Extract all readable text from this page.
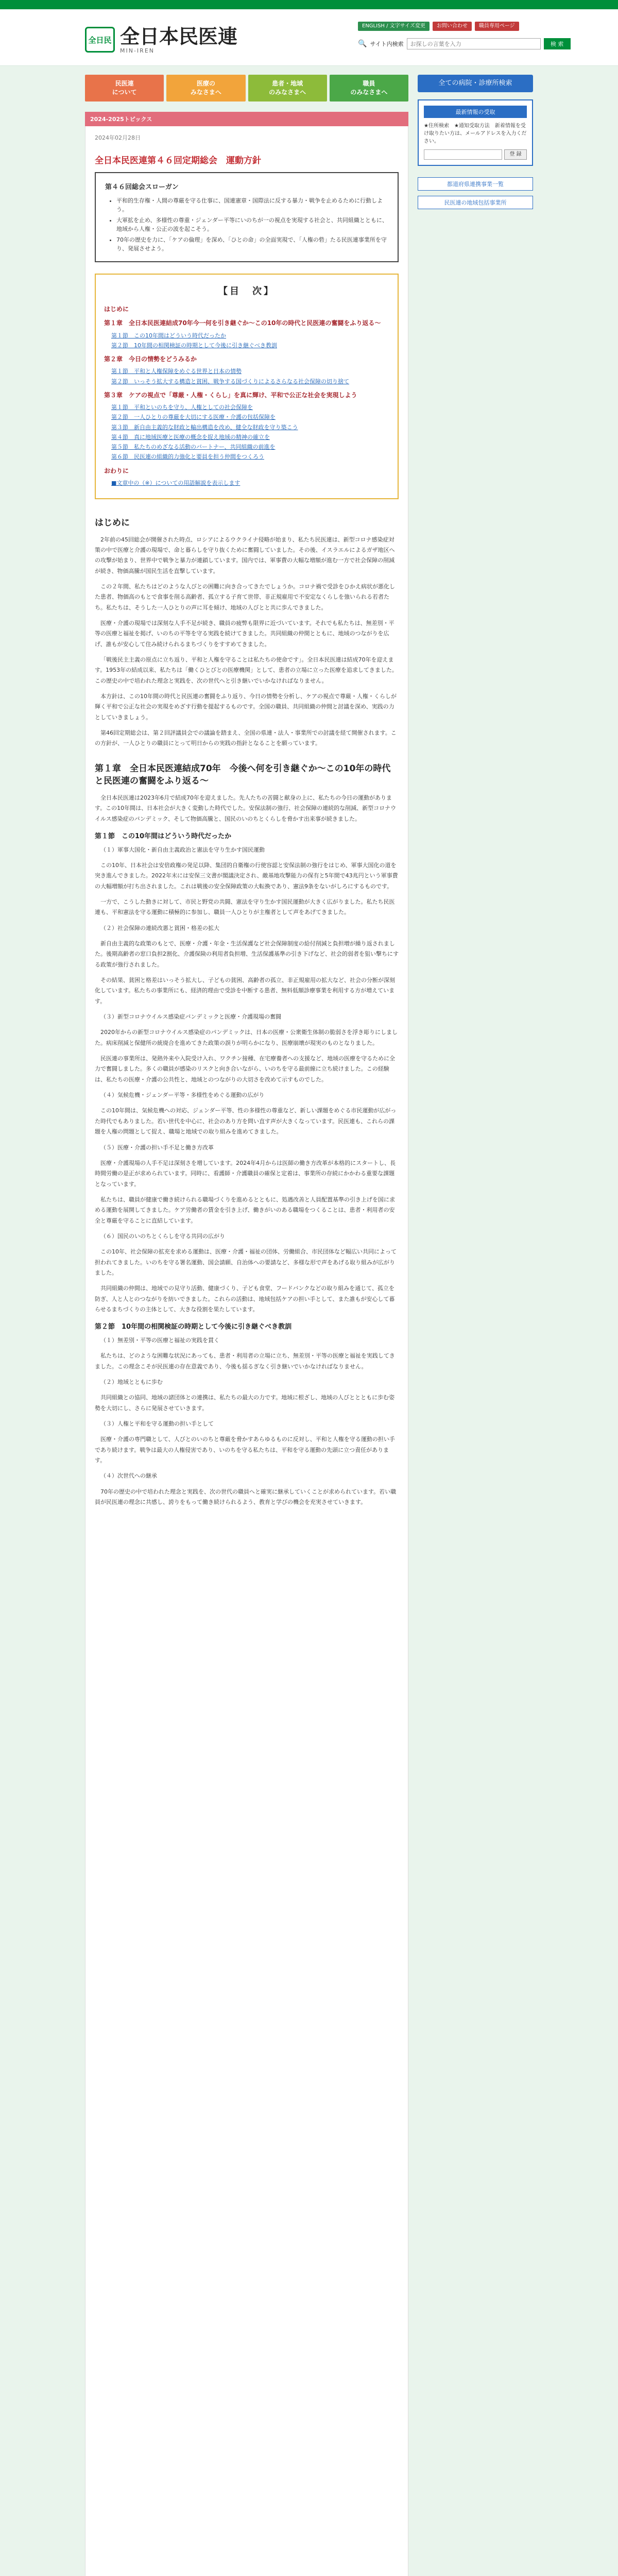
全日民 全日本民医連
MIN-IREN
ENGLISH / 文字サイズ変更	お問い合わせ	職員専用ページ
🔍 サイト内検索
お探しの言葉を入力	検 索
民医連
について
医療の
みなさまへ
患者・地域
のみなさまへ
職員
のみなさまへ
2024-2025トピックス
2024年02月28日
全日本民医連第４６回定期総会　運動方針
第４６回総会スローガン
• 平和的生存権・人間の尊厳を守る仕事に、国連憲章・国際法に反する暴力・戦争を止めるために行動しよう。
• 大軍拡を止め、多様性の尊重・ジェンダー平等にいのちが一の視点を実現する社会と、共同組織とともに、地域から人権・公正の波を起こそう。
• 70年の歴史を力に、「ケアの倫理」を深め、「ひとの命」の全面実現で、「人権の砦」たる民医連事業所を守り、発展させよう。
【目　次】
はじめに
第１章　全日本民医連結成70年今一何を引き継ぐか〜この10年の時代と民医連の奮闘をふり返る〜
第１節　この10年間はどういう時代だったか
第２節　10年間の相関検証の時期として今後に引き継ぐべき教訓
第２章　今日の情勢をどうみるか
第１節　平和と人権保障をめぐる世界と日本の情勢
第２節　いっそう拡大する構造と貧困、戦争する国づくりによるさらなる社会保障の切り捨て
第３章　ケアの視点で「尊厳・人権・くらし」を真に輝け、平和で公正な社会を実現しよう
第１節　平和といのちを守り、人権としての社会保障を
第２節　一人ひとりの尊厳を大切にする医療・介護の包括保障を
第３節　新自由主義的な財政と輸出構造を改め、健全な財政を守り築こう
第４節　真に地域医療と医療の概念を捉え地域の精神の確立を
第５節　私たちのめざなる活動のバートナー、共同組織の前進を
第６節　民医連の組織的力強化と要員を担う仲間をつくろう
おわりに
■文章中の（※）についての用語解説を表示します
はじめに

2年前の45回総会が開催された時点、ロシアによるウクライナ侵略が始まり、私たち民医連は、新型コロナ感染症対策の中で医療と介護の現場で、命と暮らしを守り抜くために奮闘していました。その後、イスラエルによるガザ地区への攻撃が始まり、世界中で戦争と暴力が連鎖しています。国内では、軍事費の大幅な増額が進む一方で社会保障の削減が続き、物価高騰が国民生活を直撃しています。

この２年間、私たちはどのような人びとの困難に向き合ってきたでしょうか。コロナ禍で受診をひかえ病状が悪化した患者、物価高のもとで食事を削る高齢者、孤立する子育て世帯、非正規雇用で不安定なくらしを強いられる若者たち。私たちは、そうした一人ひとりの声に耳を傾け、地域の人びとと共に歩んできました。

医療・介護の現場では深刻な人手不足が続き、職員の疲弊も限界に近づいています。それでも私たちは、無差別・平等の医療と福祉を掲げ、いのちの平等を守る実践を続けてきました。共同組織の仲間とともに、地域のつながりを広げ、誰もが安心して住み続けられるまちづくりをすすめてきました。

「戦後民主主義の原点に立ち返り、平和と人権を守ることは私たちの使命です」。全日本民医連は結成70年を迎えます。1953年の結成以来、私たちは「働くひとびとの医療機関」として、患者の立場に立った医療を追求してきました。この歴史の中で培われた理念と実践を、次の世代へと引き継いでいかなければなりません。

本方針は、この10年間の時代と民医連の奮闘をふり返り、今日の情勢を分析し、ケアの視点で尊厳・人権・くらしが輝く平和で公正な社会の実現をめざす行動を提起するものです。全国の職員、共同組織の仲間と討議を深め、実践の力としていきましょう。

第46回定期総会は、第２回評議員会での議論を踏まえ、全国の県連・法人・事業所での討議を経て開催されます。この方針が、一人ひとりの職員にとって明日からの実践の指針となることを願っています。

第１章　全日本民医連結成70年　今後へ何を引き継ぐか〜この10年の時代と民医連の奮闘をふり返る〜

全日本民医連は2023年6月で結成70年を迎えました。先人たちの苦闘と献身の上に、私たちの今日の運動があります。この10年間は、日本社会が大きく変動した時代でした。安保法制の強行、社会保障の連続的な削減、新型コロナウイルス感染症のパンデミック、そして物価高騰と、国民のいのちとくらしを脅かす出来事が続きました。

第１節　この10年間はどういう時代だったか

（１）軍事大国化・新自由主義政治と憲法を守り生かす国民運動

この10年、日本社会は安倍政権の発足以降、集団的自衛権の行使容認と安保法制の強行をはじめ、軍事大国化の道を突き進んできました。2022年末には安保三文書が閣議決定され、敵基地攻撃能力の保有と5年間で43兆円という軍事費の大幅増額が打ち出されました。これは戦後の安全保障政策の大転換であり、憲法9条をないがしろにするものです。

一方で、こうした動きに対して、市民と野党の共闘、憲法を守り生かす国民運動が大きく広がりました。私たち民医連も、平和憲法を守る運動に積極的に参加し、職員一人ひとりが主権者として声をあげてきました。

（２）社会保障の連続改悪と貧困・格差の拡大

新自由主義的な政策のもとで、医療・介護・年金・生活保護など社会保障制度の給付削減と負担増が繰り返されました。後期高齢者の窓口負担2割化、介護保険の利用者負担増、生活保護基準の引き下げなど、社会的弱者を狙い撃ちにする政策が強行されました。

その結果、貧困と格差はいっそう拡大し、子どもの貧困、高齢者の孤立、非正規雇用の拡大など、社会の分断が深刻化しています。私たちの事業所にも、経済的理由で受診を中断する患者、無料低額診療事業を利用する方が増えています。

（３）新型コロナウイルス感染症パンデミックと医療・介護現場の奮闘

2020年からの新型コロナウイルス感染症のパンデミックは、日本の医療・公衆衛生体制の脆弱さを浮き彫りにしました。病床削減と保健所の統廃合を進めてきた政策の誤りが明らかになり、医療崩壊が現実のものとなりました。

民医連の事業所は、発熱外来や入院受け入れ、ワクチン接種、在宅療養者への支援など、地域の医療を守るために全力で奮闘しました。多くの職員が感染のリスクと向き合いながら、いのちを守る最前線に立ち続けました。この経験は、私たちの医療・介護の公共性と、地域とのつながりの大切さを改めて示すものでした。

（４）気候危機・ジェンダー平等・多様性をめぐる運動の広がり

この10年間は、気候危機への対応、ジェンダー平等、性の多様性の尊重など、新しい課題をめぐる市民運動が広がった時代でもありました。若い世代を中心に、社会のあり方を問い直す声が大きくなっています。民医連も、これらの課題を人権の問題として捉え、職場と地域での取り組みを進めてきました。

（５）医療・介護の担い手不足と働き方改革

医療・介護現場の人手不足は深刻さを増しています。2024年4月からは医師の働き方改革が本格的にスタートし、長時間労働の是正が求められています。同時に、看護師・介護職員の確保と定着は、事業所の存続にかかわる重要な課題となっています。

私たちは、職員が健康で働き続けられる職場づくりを進めるとともに、処遇改善と人員配置基準の引き上げを国に求める運動を展開してきました。ケア労働者の賃金を引き上げ、働きがいのある職場をつくることは、患者・利用者の安全と尊厳を守ることに直結しています。

（６）国民のいのちとくらしを守る共同の広がり

この10年、社会保障の拡充を求める運動は、医療・介護・福祉の団体、労働組合、市民団体など幅広い共同によって担われてきました。いのちを守る署名運動、国会請願、自治体への要請など、多様な形で声をあげる取り組みが広がりました。

共同組織の仲間は、地域での見守り活動、健康づくり、子ども食堂、フードバンクなどの取り組みを通じて、孤立を防ぎ、人と人とのつながりを紡いできました。これらの活動は、地域包括ケアの担い手として、また誰もが安心して暮らせるまちづくりの主体として、大きな役割を果たしています。

第２節　10年間の相関検証の時期として今後に引き継ぐべき教訓

（１）無差別・平等の医療と福祉の実践を貫く

私たちは、どのような困難な状況にあっても、患者・利用者の立場に立ち、無差別・平等の医療と福祉を実践してきました。この理念こそが民医連の存在意義であり、今後も揺るぎなく引き継いでいかなければなりません。

（２）地域とともに歩む

共同組織との協同、地域の諸団体との連携は、私たちの最大の力です。地域に根ざし、地域の人びととともに歩む姿勢を大切にし、さらに発展させていきます。

（３）人権と平和を守る運動の担い手として

医療・介護の専門職として、人びとのいのちと尊厳を脅かすあらゆるものに反対し、平和と人権を守る運動の担い手であり続けます。戦争は最大の人権侵害であり、いのちを守る私たちは、平和を守る運動の先頭に立つ責任があります。

（４）次世代への継承

70年の歴史の中で培われた理念と実践を、次の世代の職員へと確実に継承していくことが求められています。若い職員が民医連の理念に共感し、誇りをもって働き続けられるよう、教育と学びの機会を充実させていきます。

全ての病院・診療所検索
最新情報の受取
★住所検索　★通知受取方法　新着情報を受け取りたい方は、メールアドレスを入力ください。
登 録
都道府県連携事業一覧
民医連の地域包括事業所
